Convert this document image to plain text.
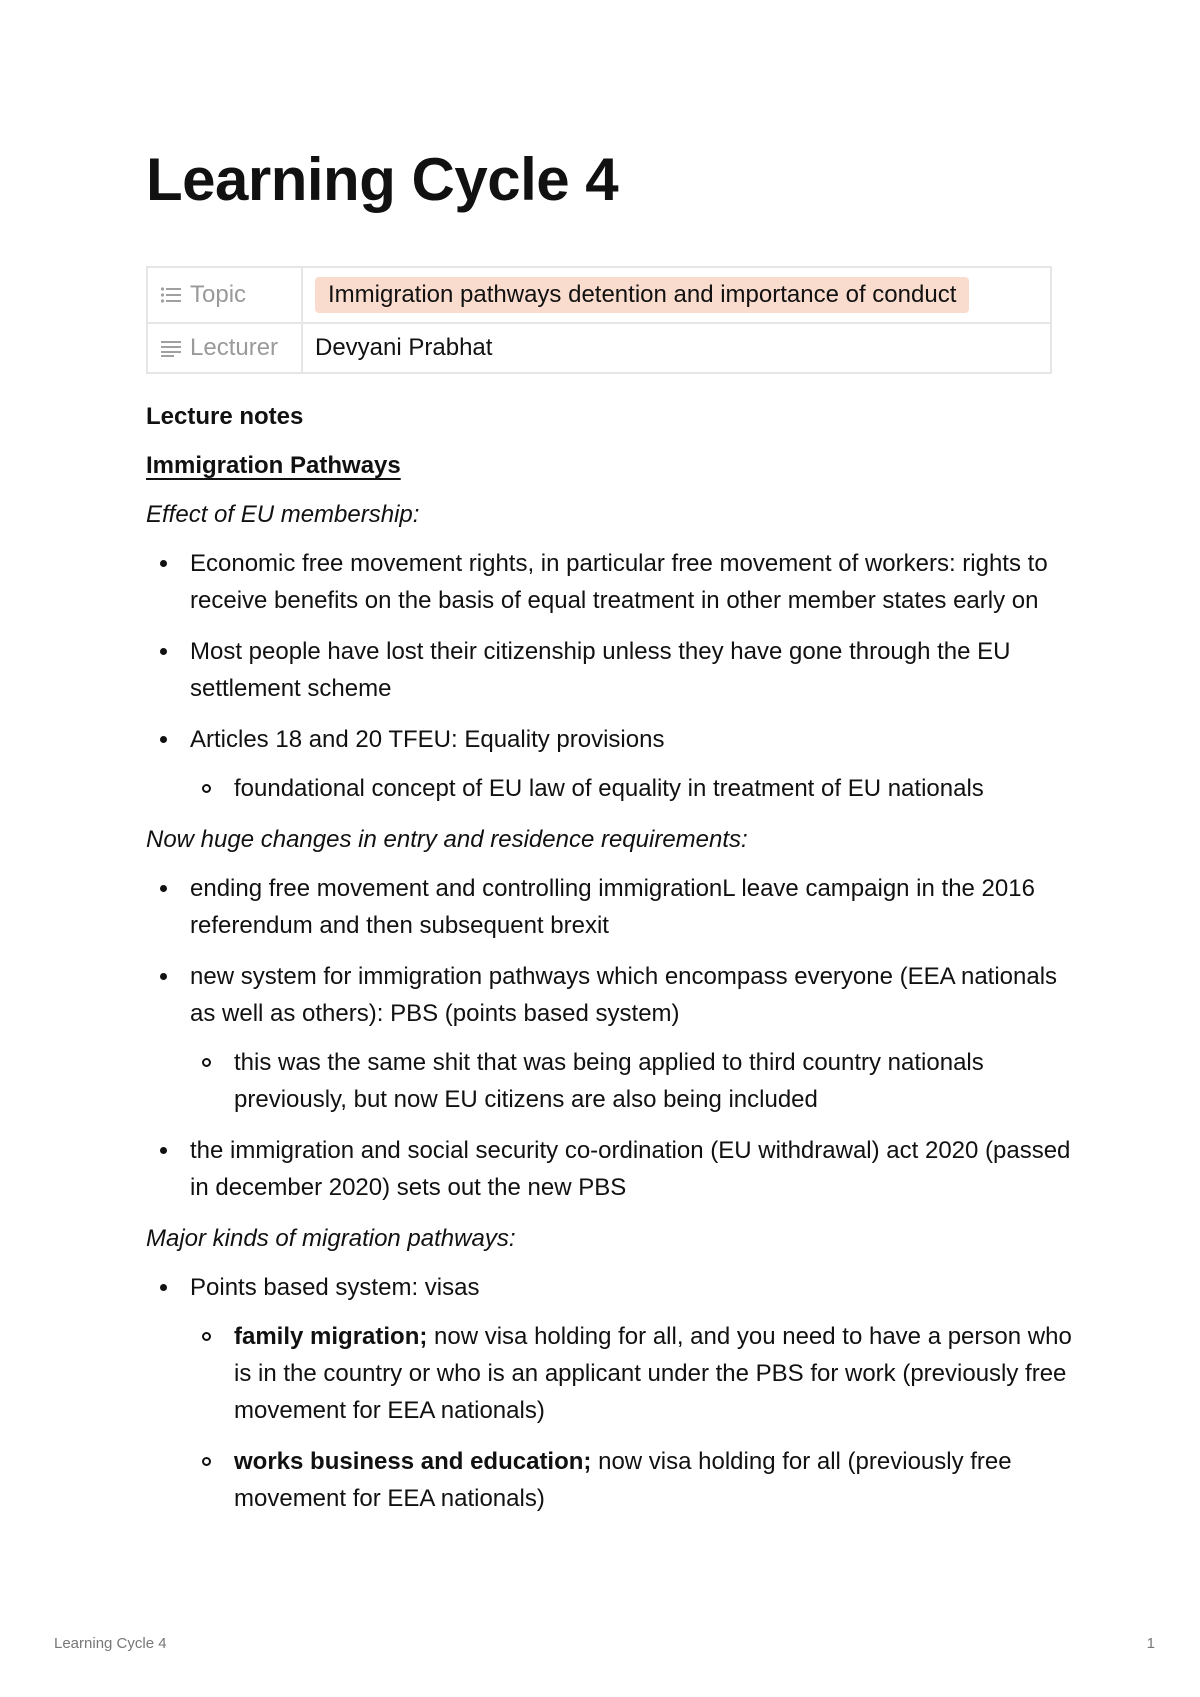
Learning Cycle 4
Topic	Immigration pathways detention and importance of conduct
Lecturer	Devyani Prabhat

Lecture notes

Immigration Pathways

Effect of EU membership:

Economic free movement rights, in particular free movement of workers: rights to receive benefits on the basis of equal treatment in other member states early on
Most people have lost their citizenship unless they have gone through the EU settlement scheme
Articles 18 and 20 TFEU: Equality provisions
foundational concept of EU law of equality in treatment of EU nationals

Now huge changes in entry and residence requirements:

ending free movement and controlling immigrationL leave campaign in the 2016 referendum and then subsequent brexit
new system for immigration pathways which encompass everyone (EEA nationals as well as others): PBS (points based system)
this was the same shit that was being applied to third country nationals previously, but now EU citizens are also being included
the immigration and social security co-ordination (EU withdrawal) act 2020 (passed in december 2020) sets out the new PBS

Major kinds of migration pathways:

Points based system: visas
family migration; now visa holding for all, and you need to have a person who is in the country or who is an applicant under the PBS for work (previously free movement for EEA nationals)
works business and education; now visa holding for all (previously free movement for EEA nationals)
Learning Cycle 4	1
